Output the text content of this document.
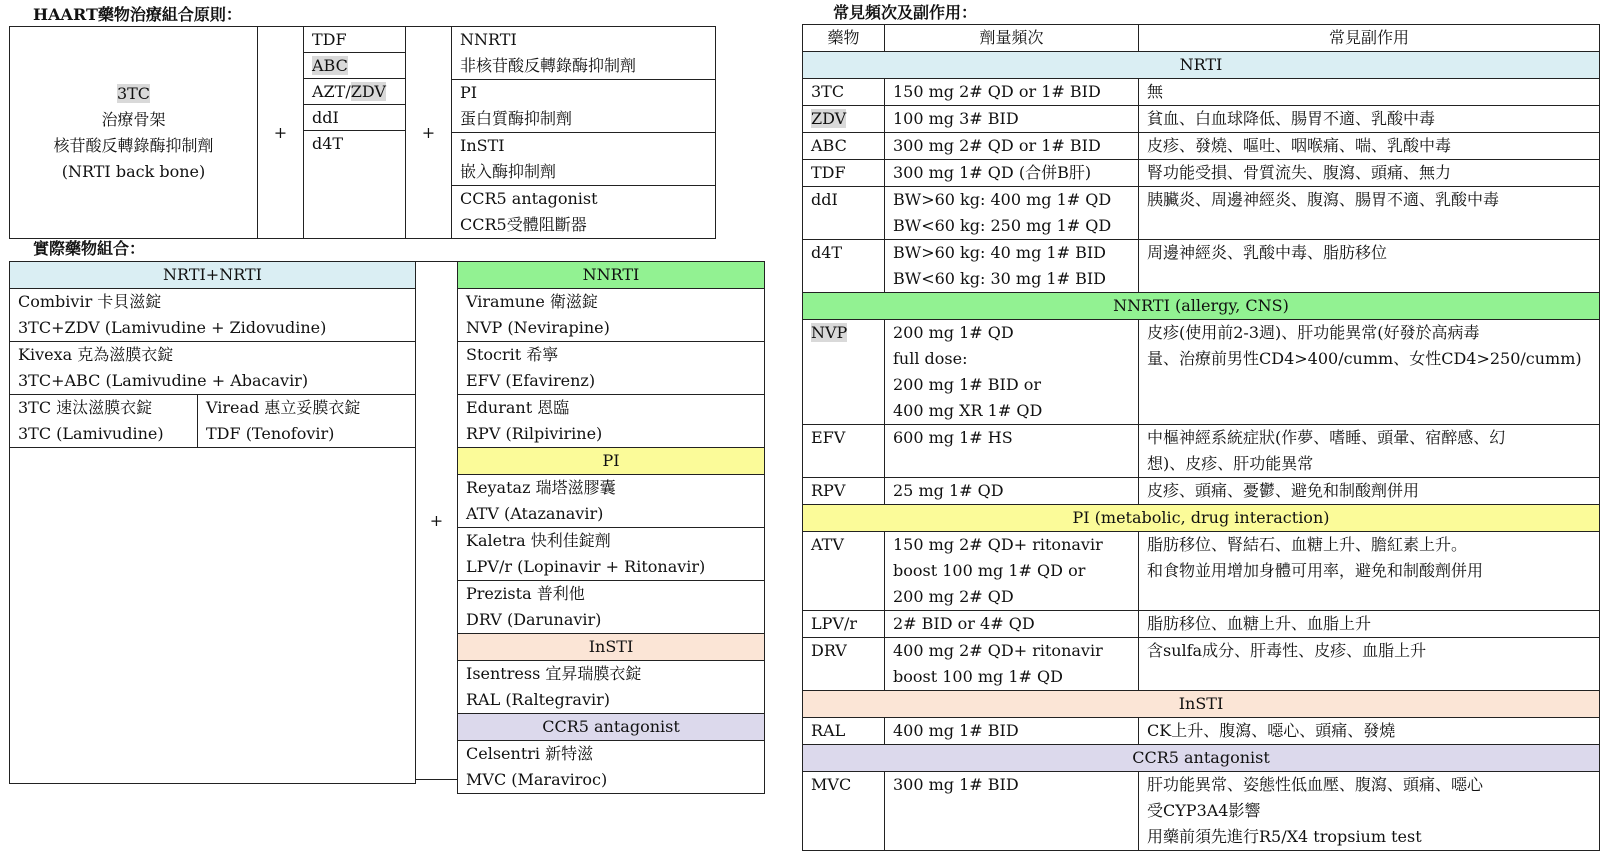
HAART藥物治療組合原則：
3TC
治療骨架
核苷酸反轉錄酶抑制劑
(NRTI back bone)
	+	
TDF
ABC
AZT/ZDV
ddI
d4T
	+	
NNRTI
非核苷酸反轉錄酶抑制劑

PI
蛋白質酶抑制劑

InSTI
嵌入酶抑制劑

CCR5 antagonist
CCR5受體阻斷器
實際藥物組合：
NRTI+NRTI

Combivir 卡貝滋錠
3TC+ZDV (Lamivudine + Zidovudine)

Kivexa 克為滋膜衣錠
3TC+ABC (Lamivudine + Abacavir)

3TC 速汰滋膜衣錠
3TC (Lamivudine)

Viread 惠立妥膜衣錠
TDF (Tenofovir)

+
NNRTI

Viramune 衛滋錠
NVP (Nevirapine)

Stocrit 希寧
EFV (Efavirenz)

Edurant 恩臨
RPV (Rilpivirine)

PI

Reyataz 瑞塔滋膠囊
ATV (Atazanavir)

Kaletra 快利佳錠劑
LPV/r (Lopinavir + Ritonavir)

Prezista 普利他
DRV (Darunavir)

InSTI

Isentress 宜昇瑞膜衣錠
RAL (Raltegravir)

CCR5 antagonist

Celsentri 新特滋
MVC (Maraviroc)
常見頻次及副作用：
藥物	劑量頻次	常見副作用
NRTI		
3TC	150 mg 2# QD or 1# BID	無

ZDV	100 mg 3# BID	貧血、白血球降低、腸胃不適、乳酸中毒

ABC	300 mg 2# QD or 1# BID	皮疹、發燒、嘔吐、咽喉痛、喘、乳酸中毒

TDF	300 mg 1# QD (合併B肝)	腎功能受損、骨質流失、腹瀉、頭痛、無力

ddI	BW>60 kg: 400 mg 1# QD
BW<60 kg: 250 mg 1# QD	胰臟炎、周邊神經炎、腹瀉、腸胃不適、乳酸中毒

d4T	BW>60 kg: 40 mg 1# BID
BW<60 kg: 30 mg 1# BID	周邊神經炎、乳酸中毒、脂肪移位

NNRTI (allergy, CNS)		
NVP	200 mg 1# QD
full dose:
200 mg 1# BID or
400 mg XR 1# QD	皮疹(使用前2-3週)、肝功能異常(好發於高病毒
量、治療前男性CD4>400/cumm、女性CD4>250/cumm)

EFV	600 mg 1# HS	中樞神經系統症狀(作夢、嗜睡、頭暈、宿醉感、幻
想)、皮疹、肝功能異常

RPV	25 mg 1# QD	皮疹、頭痛、憂鬱、避免和制酸劑併用

PI (metabolic, drug interaction)		
ATV	150 mg 2# QD+ ritonavir
boost 100 mg 1# QD or
200 mg 2# QD	脂肪移位、腎結石、血糖上升、膽紅素上升。
和食物並用增加身體可用率，避免和制酸劑併用

LPV/r	2# BID or 4# QD	脂肪移位、血糖上升、血脂上升

DRV	400 mg 2# QD+ ritonavir
boost 100 mg 1# QD	含sulfa成分、肝毒性、皮疹、血脂上升

InSTI		
RAL	400 mg 1# BID	CK上升、腹瀉、噁心、頭痛、發燒

CCR5 antagonist		
MVC	300 mg 1# BID	肝功能異常、姿態性低血壓、腹瀉、頭痛、噁心
受CYP3A4影響
用藥前須先進行R5/X4 tropsium test
